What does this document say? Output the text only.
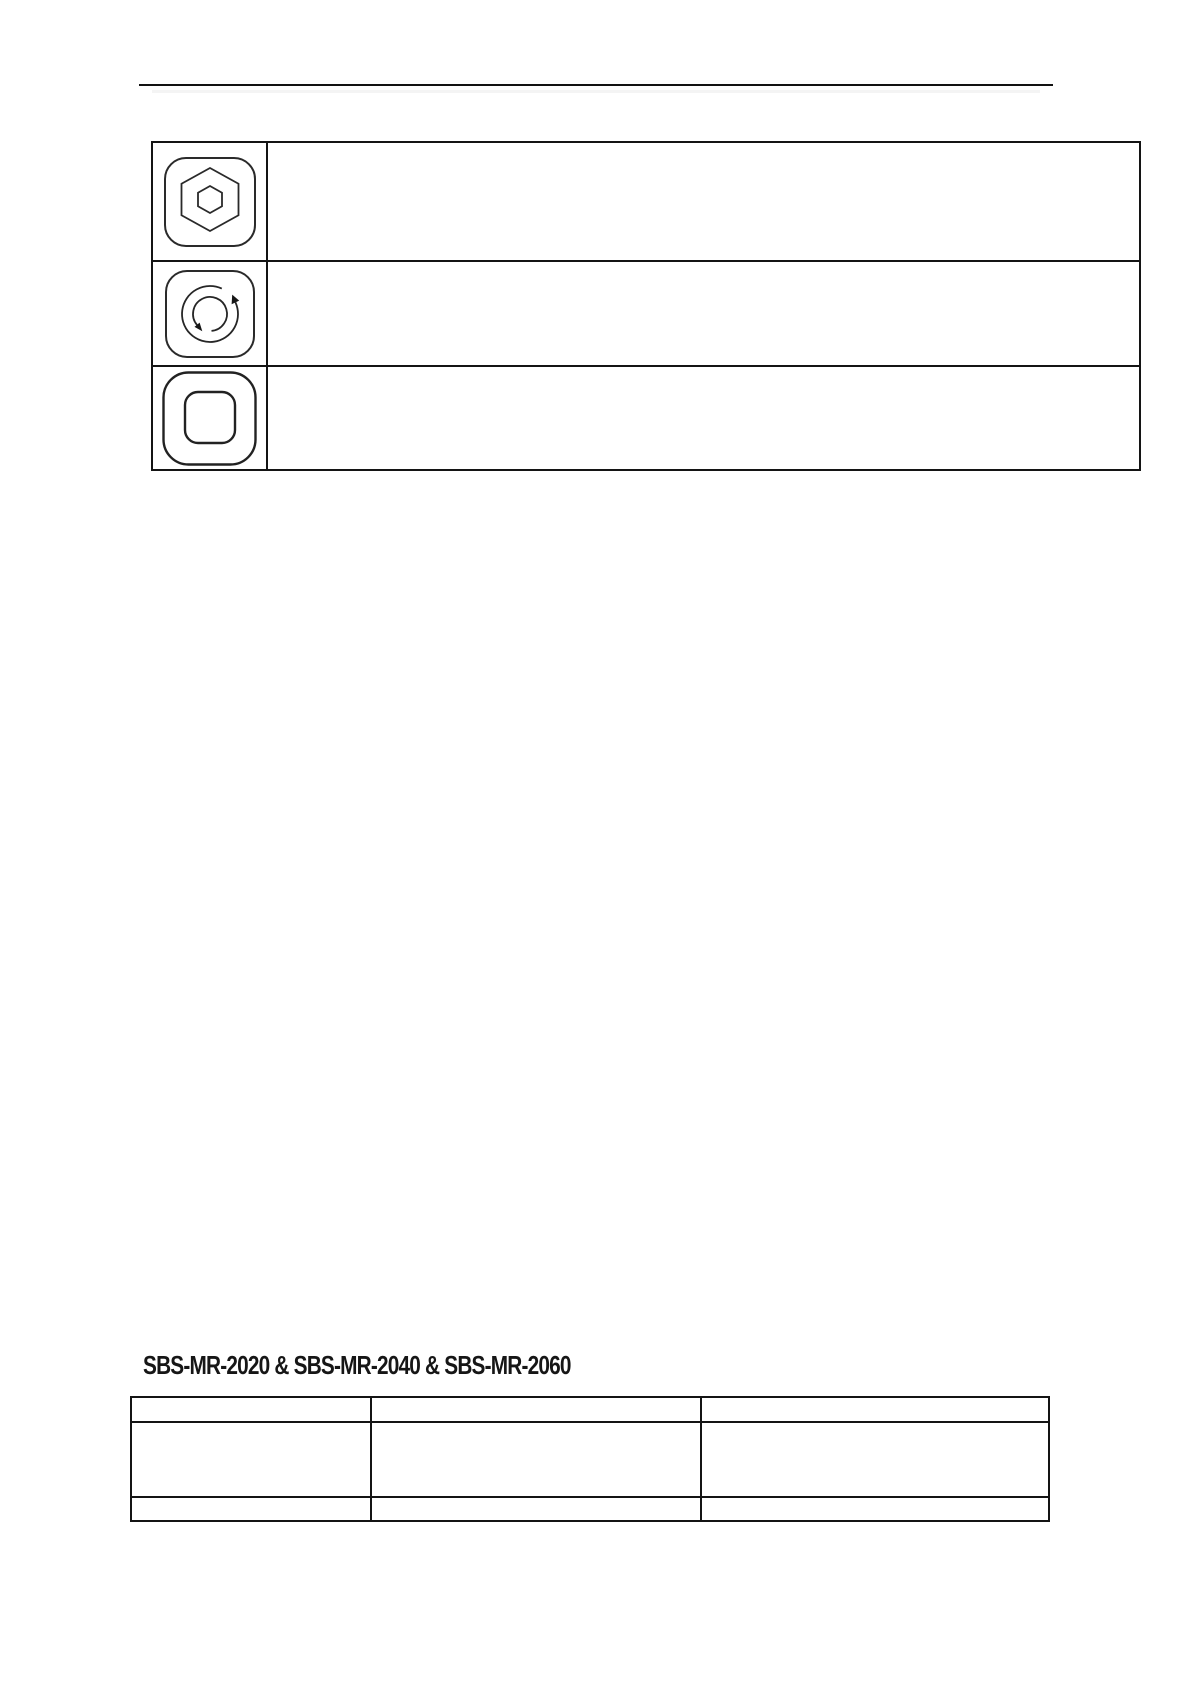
SBS-MR-2020 & SBS-MR-2040 & SBS-MR-2060
